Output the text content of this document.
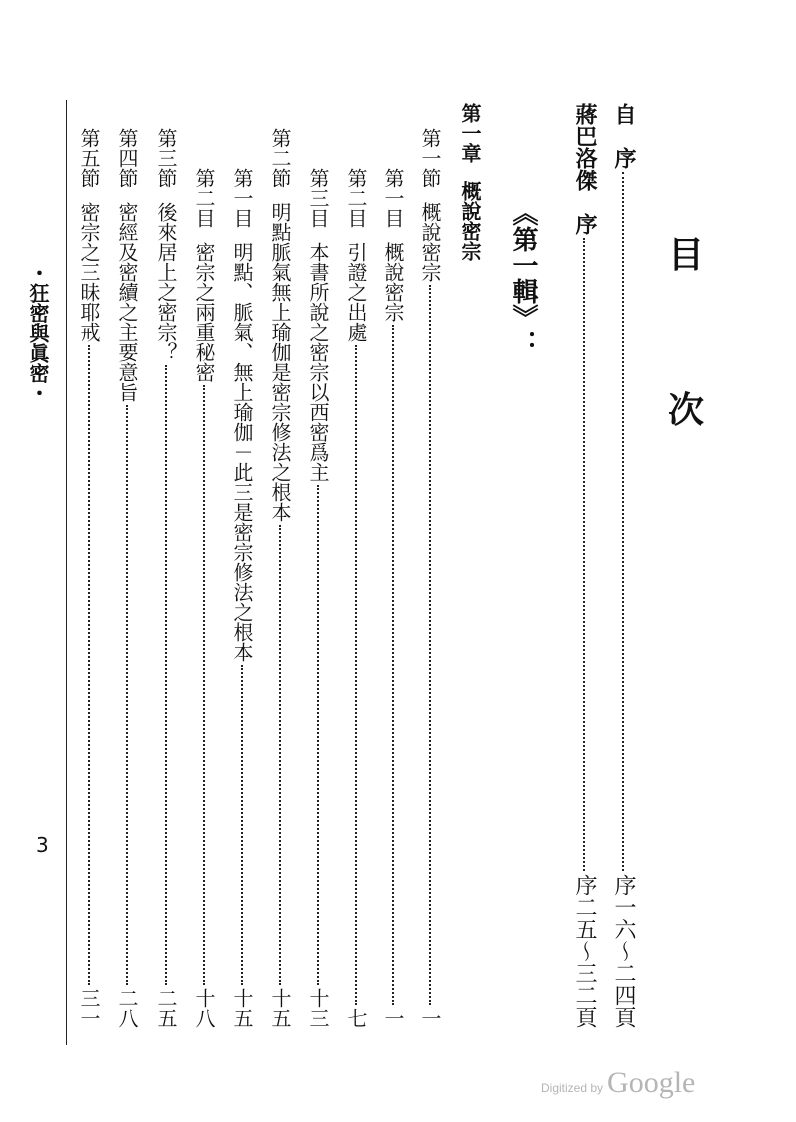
目
次
自　序
序一六～二四頁
蔣巴洛傑　序
序二五～三二頁
《第一輯》：
第一章概說密宗
第一節
概說密宗
一
第一目
概說密宗
一
第二目
引證之出處
七
第三目
本書所說之密宗以西密爲主
十三
第二節
明點脈氣無上瑜伽是密宗修法之根本
十五
第一目
明點、脈氣、無上瑜伽－此三是密宗修法之根本
十五
第二目
密宗之兩重秘密
十八
第三節
後來居上之密宗？
二五
第四節
密經及密續之主要意旨
二八
第五節
密宗之三昧耶戒
三一
・狂密與眞密・
3
Digitized by Google
